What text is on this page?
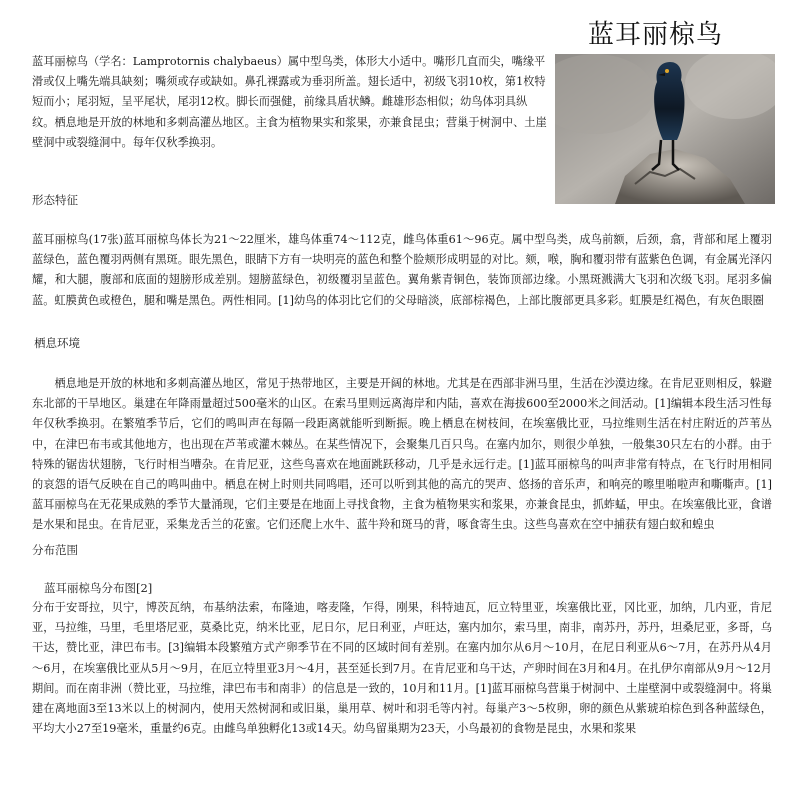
蓝耳丽椋鸟
蓝耳丽椋鸟（学名：Lamprotornis chalybaeus）属中型鸟类，体形大小适中。嘴形几直而尖，嘴缘平滑或仅上嘴先端具缺刻；嘴须或存或缺如。鼻孔裸露或为垂羽所盖。翅长适中，初级飞羽10枚，第1枚特短而小；尾羽短，呈平尾状，尾羽12枚。脚长而强健，前缘具盾状鳞。雌雄形态相似；幼鸟体羽具纵纹。栖息地是开放的林地和多刺高灌丛地区。主食为植物果实和浆果，亦兼食昆虫；营巢于树洞中、土崖壁洞中或裂缝洞中。每年仅秋季换羽。
形态特征
蓝耳丽椋鸟(17张)蓝耳丽椋鸟体长为21～22厘米，雄鸟体重74～112克，雌鸟体重61～96克。属中型鸟类，成鸟前额，后颈，翕，背部和尾上覆羽蓝绿色，蓝色覆羽两侧有黑斑。眼先黑色，眼睛下方有一块明亮的蓝色和整个脸颊形成明显的对比。颏，喉，胸和覆羽带有蓝紫色色调，有金属光泽闪耀，和大腿，腹部和底面的翅膀形成差别。翅膀蓝绿色，初级覆羽呈蓝色。翼角紫青铜色，装饰顶部边缘。小黑斑溅满大飞羽和次级飞羽。尾羽多偏蓝。虹膜黄色或橙色，腿和嘴是黑色。两性相同。[1]幼鸟的体羽比它们的父母暗淡，底部棕褐色，上部比腹部更具多彩。虹膜是红褐色，有灰色眼圈
栖息环境
栖息地是开放的林地和多刺高灌丛地区，常见于热带地区，主要是开阔的林地。尤其是在西部非洲马里，生活在沙漠边缘。在肯尼亚则相反，躲避东北部的干旱地区。巢建在年降雨量超过500毫米的山区。在索马里则远离海岸和内陆，喜欢在海拔600至2000米之间活动。[1]编辑本段生活习性每年仅秋季换羽。在繁殖季节后，它们的鸣叫声在每隔一段距离就能听到断振。晚上栖息在树枝间，在埃塞俄比亚，马拉维则生活在村庄附近的芦苇丛中，在津巴布韦或其他地方，也出现在芦苇或灌木棘丛。在某些情况下，会聚集几百只鸟。在塞内加尔，则很少单独，一般集30只左右的小群。由于特殊的锯齿状翅膀，飞行时相当嘈杂。在肯尼亚，这些鸟喜欢在地面跳跃移动，几乎是永远行走。[1]蓝耳丽椋鸟的叫声非常有特点，在飞行时用相同的哀怨的语气反映在自己的鸣叫曲中。栖息在树上时则共同鸣唱，还可以听到其他的高亢的哭声、悠扬的音乐声，和响亮的嚓里啪啦声和嘶嘶声。[1]蓝耳丽椋鸟在无花果成熟的季节大量涌现，它们主要是在地面上寻找食物，主食为植物果实和浆果，亦兼食昆虫，抓蚱蜢，甲虫。在埃塞俄比亚，食谱是水果和昆虫。在肯尼亚，采集龙舌兰的花蜜。它们还爬上水牛、蓝牛羚和斑马的背，啄食寄生虫。这些鸟喜欢在空中捕获有翅白蚁和蝗虫
分布范围
蓝耳丽椋鸟分布图[2]
分布于安哥拉，贝宁，博茨瓦纳，布基纳法索，布隆迪，喀麦隆，乍得，刚果，科特迪瓦，厄立特里亚，埃塞俄比亚，冈比亚，加纳，几内亚，肯尼亚，马拉维，马里，毛里塔尼亚，莫桑比克，纳米比亚，尼日尔，尼日利亚，卢旺达，塞内加尔，索马里，南非，南苏丹，苏丹，坦桑尼亚，多哥，乌干达，赞比亚，津巴布韦。[3]编辑本段繁殖方式产卵季节在不同的区域时间有差别。在塞内加尔从6月～10月，在尼日利亚从6～7月，在苏丹从4月～6月，在埃塞俄比亚从5月～9月，在厄立特里亚3月～4月，甚至延长到7月。在肯尼亚和乌干达，产卵时间在3月和4月。在扎伊尔南部从9月～12月期间。而在南非洲（赞比亚，马拉维，津巴布韦和南非）的信息是一致的，10月和11月。[1]蓝耳丽椋鸟营巢于树洞中、土崖壁洞中或裂缝洞中。将巢建在离地面3至13米以上的树洞内，使用天然树洞和或旧巢，巢用草、树叶和羽毛等内衬。每巢产3～5枚卵，卵的颜色从紫琥珀棕色到各种蓝绿色，平均大小27至19毫米，重量约6克。由雌鸟单独孵化13或14天。幼鸟留巢期为23天，小鸟最初的食物是昆虫，水果和浆果
